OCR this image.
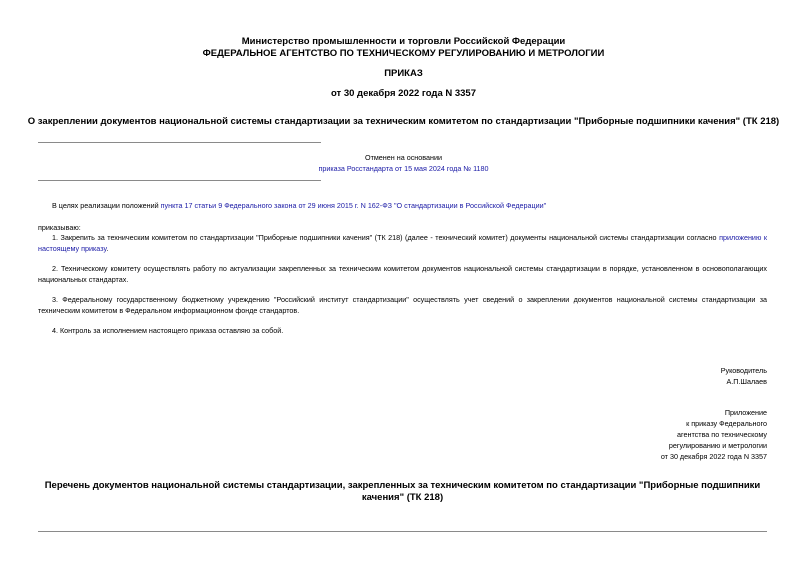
Министерство промышленности и торговли Российской Федерации
ФЕДЕРАЛЬНОЕ АГЕНТСТВО ПО ТЕХНИЧЕСКОМУ РЕГУЛИРОВАНИЮ И МЕТРОЛОГИИ
ПРИКАЗ
от 30 декабря 2022 года N 3357
О закреплении документов национальной системы стандартизации за техническим комитетом по стандартизации "Приборные подшипники качения" (ТК 218)
Отменен на основании
приказа Росстандарта от 15 мая 2024 года № 1180
В целях реализации положений пункта 17 статьи 9 Федерального закона от 29 июня 2015 г. N 162-ФЗ "О стандартизации в Российской Федерации"
приказываю:
1. Закрепить за техническим комитетом по стандартизации "Приборные подшипники качения" (ТК 218) (далее - технический комитет) документы национальной системы стандартизации согласно приложению к настоящему приказу.
2. Техническому комитету осуществлять работу по актуализации закрепленных за техническим комитетом документов национальной системы стандартизации в порядке, установленном в основополагающих национальных стандартах.
3. Федеральному государственному бюджетному учреждению "Российский институт стандартизации" осуществлять учет сведений о закреплении документов национальной системы стандартизации за техническим комитетом в Федеральном информационном фонде стандартов.
4. Контроль за исполнением настоящего приказа оставляю за собой.
Руководитель
А.П.Шалаев
Приложение
к приказу Федерального
агентства по техническому
регулированию и метрологии
от 30 декабря 2022 года N 3357
Перечень документов национальной системы стандартизации, закрепленных за техническим комитетом по стандартизации "Приборные подшипники качения" (ТК 218)
